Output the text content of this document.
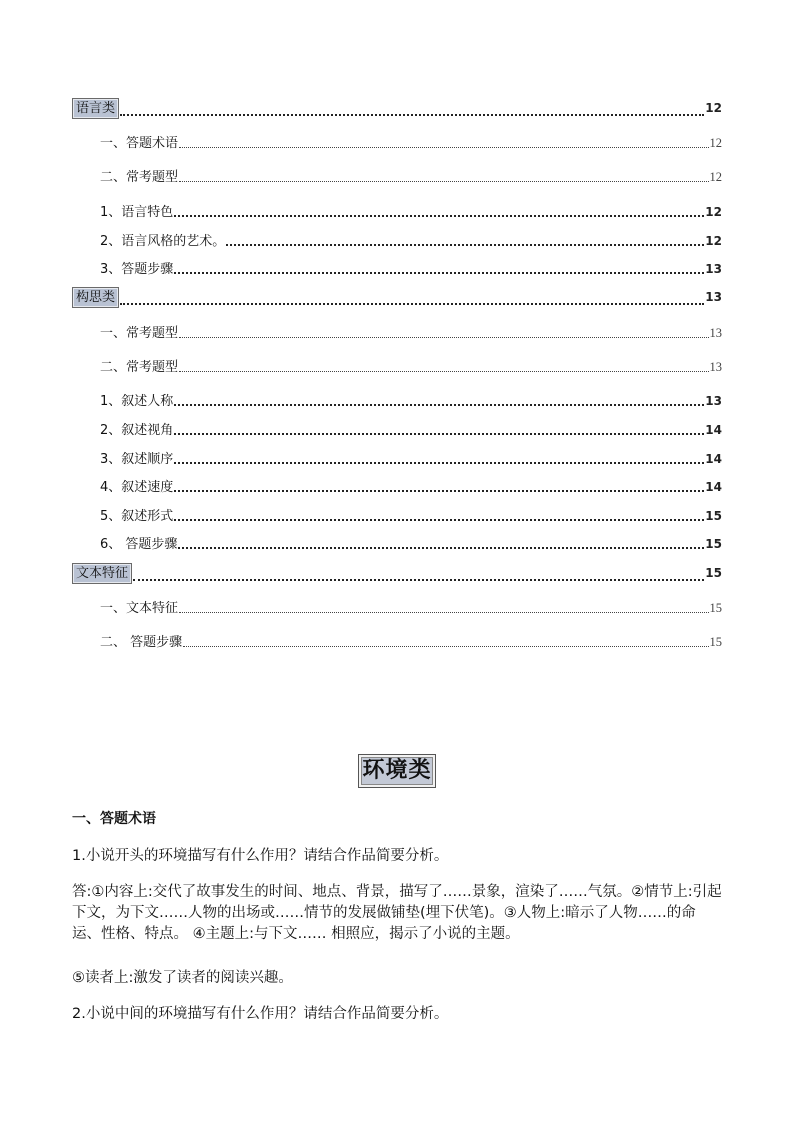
语言类	12
一、答题术语	12
二、常考题型	12
1、语言特色	12
2、语言风格的艺术。	12
3、答题步骤	13
构思类	13
一、常考题型	13
二、常考题型	13
1、叙述人称	13
2、叙述视角	14
3、叙述顺序	14
4、叙述速度	14
5、叙述形式	15
6、 答题步骤	15
文本特征	15
一、文本特征	15
二、 答题步骤	15
环境类
一、答题术语
1.小说开头的环境描写有什么作用？请结合作品简要分析。
答:①内容上:交代了故事发生的时间、地点、背景，描写了……景象，渲染了……气氛。②情节上:引起下文，为下文……人物的出场或……情节的发展做铺垫(埋下伏笔)。③人物上:暗示了人物……的命运、性格、特点。 ④主题上:与下文…… 相照应，揭示了小说的主题。
⑤读者上:激发了读者的阅读兴趣。
2.小说中间的环境描写有什么作用？请结合作品简要分析。
